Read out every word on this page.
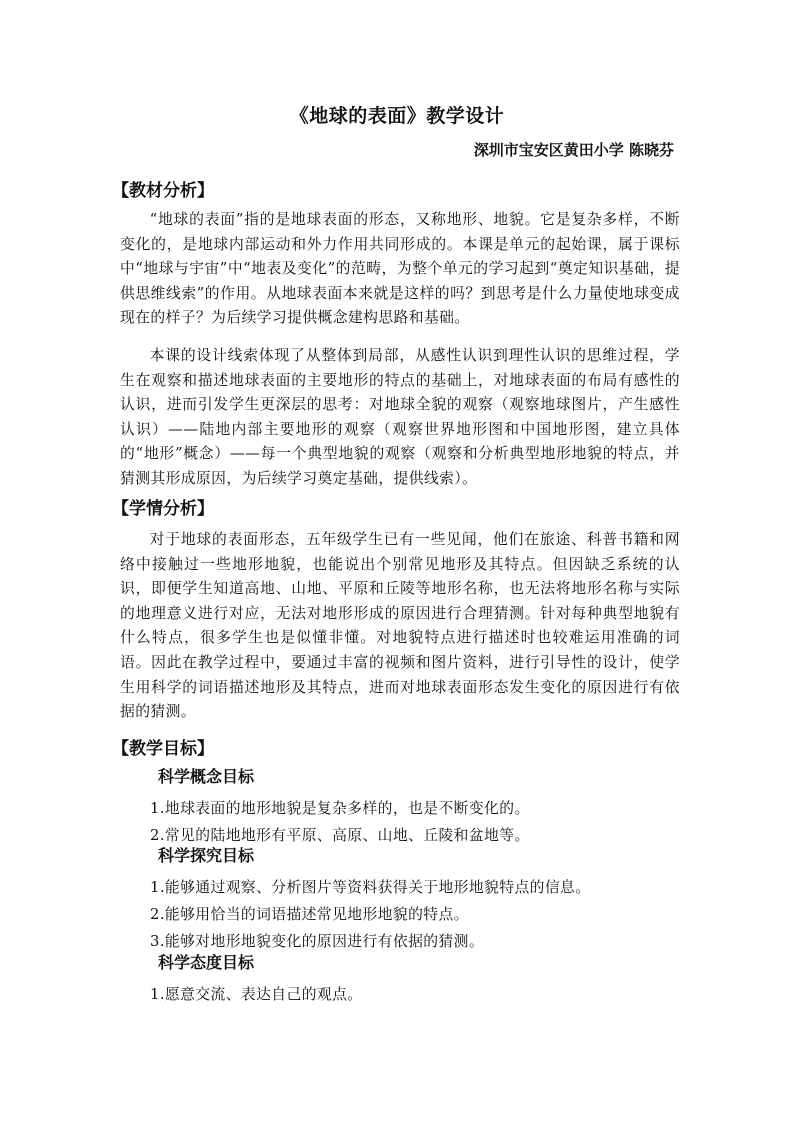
《地球的表面》教学设计
深圳市宝安区黄田小学 陈晓芬
【教材分析】

“地球的表面”指的是地球表面的形态，又称地形、地貌。它是复杂多样，不断变化的，是地球内部运动和外力作用共同形成的。本课是单元的起始课，属于课标中“地球与宇宙”中“地表及变化”的范畴，为整个单元的学习起到“奠定知识基础，提供思维线索”的作用。从地球表面本来就是这样的吗？到思考是什么力量使地球变成现在的样子？为后续学习提供概念建构思路和基础。

本课的设计线索体现了从整体到局部，从感性认识到理性认识的思维过程，学生在观察和描述地球表面的主要地形的特点的基础上，对地球表面的布局有感性的认识，进而引发学生更深层的思考：对地球全貌的观察（观察地球图片，产生感性认识）——陆地内部主要地形的观察（观察世界地形图和中国地形图，建立具体的“地形”概念）——每一个典型地貌的观察（观察和分析典型地形地貌的特点，并猜测其形成原因，为后续学习奠定基础，提供线索）。

【学情分析】

对于地球的表面形态，五年级学生已有一些见闻，他们在旅途、科普书籍和网络中接触过一些地形地貌，也能说出个别常见地形及其特点。但因缺乏系统的认识，即便学生知道高地、山地、平原和丘陵等地形名称，也无法将地形名称与实际的地理意义进行对应，无法对地形形成的原因进行合理猜测。针对每种典型地貌有什么特点，很多学生也是似懂非懂。对地貌特点进行描述时也较难运用准确的词语。因此在教学过程中，要通过丰富的视频和图片资料，进行引导性的设计，使学生用科学的词语描述地形及其特点，进而对地球表面形态发生变化的原因进行有依据的猜测。

【教学目标】
科学概念目标
1.地球表面的地形地貌是复杂多样的，也是不断变化的。
2.常见的陆地地形有平原、高原、山地、丘陵和盆地等。
科学探究目标
1.能够通过观察、分析图片等资料获得关于地形地貌特点的信息。
2.能够用恰当的词语描述常见地形地貌的特点。
3.能够对地形地貌变化的原因进行有依据的猜测。
科学态度目标
1.愿意交流、表达自己的观点。
